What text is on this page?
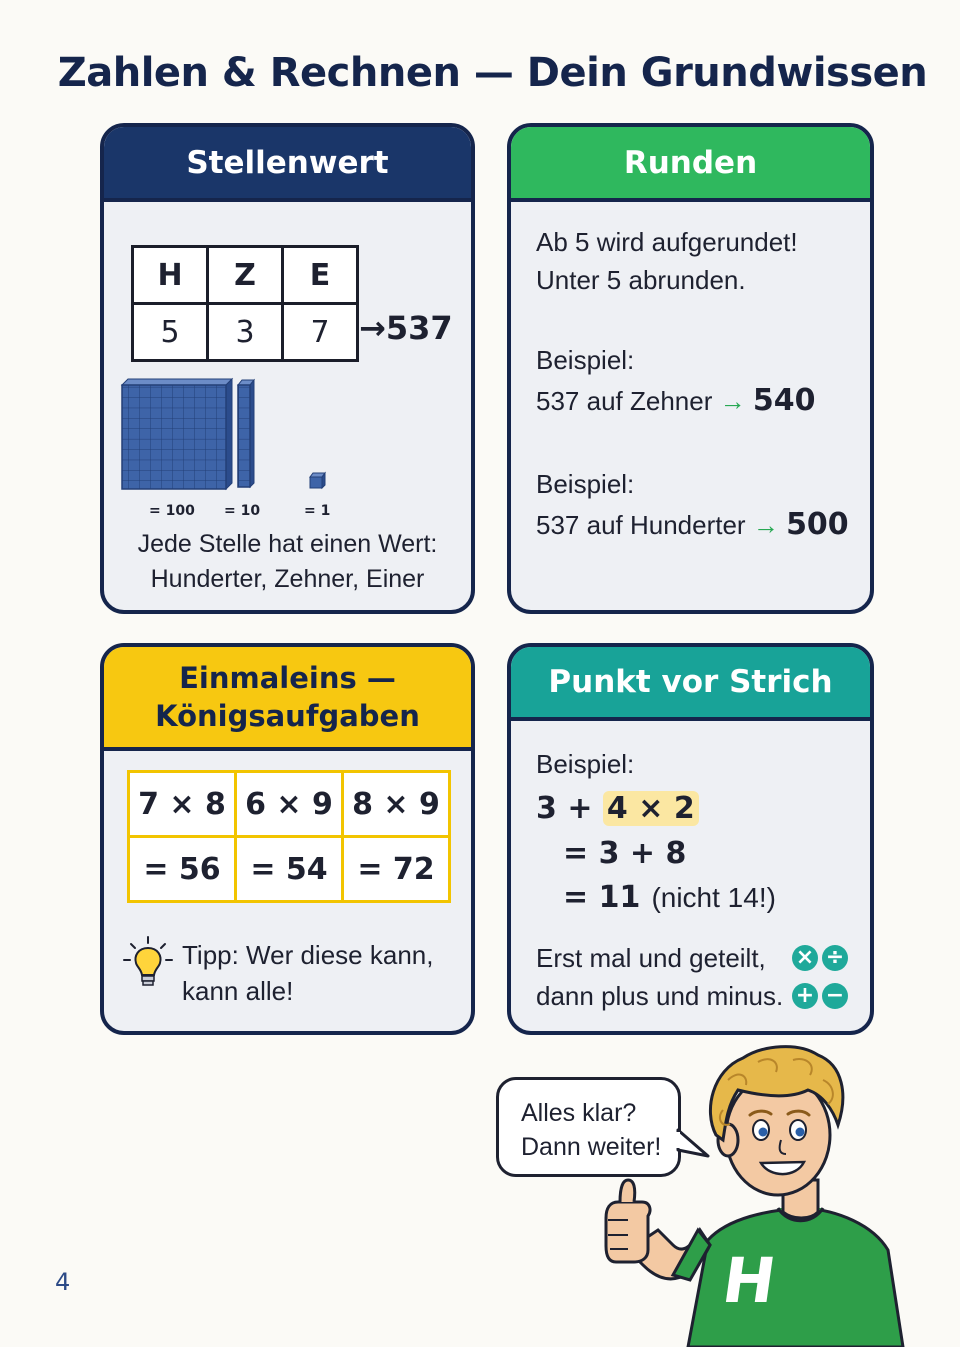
Zahlen & Rechnen — Dein Grundwissen
Stellenwert
H	Z	E
5	3	7 →537
= 100 = 10	= 1
Jede Stelle hat einen Wert:
Hunderter, Zehner, Einer
Runden
Ab 5 wird aufgerundet!
Unter 5 abrunden.
Beispiel:
537 auf Zehner → 540
Beispiel:
537 auf Hunderter → 500
Einmaleins —
Königsaufgaben
7 × 8	6 × 9	8 × 9
= 56	= 54	= 72
Tipp: Wer diese kann,
kann alle!
Punkt vor Strich
Beispiel:
3 + 4 × 2
= 3 + 8
= 11 (nicht 14!)
Erst mal und geteilt,
dann plus und minus.
× ÷
+ −
Alles klar?
Dann weiter!
H
4
